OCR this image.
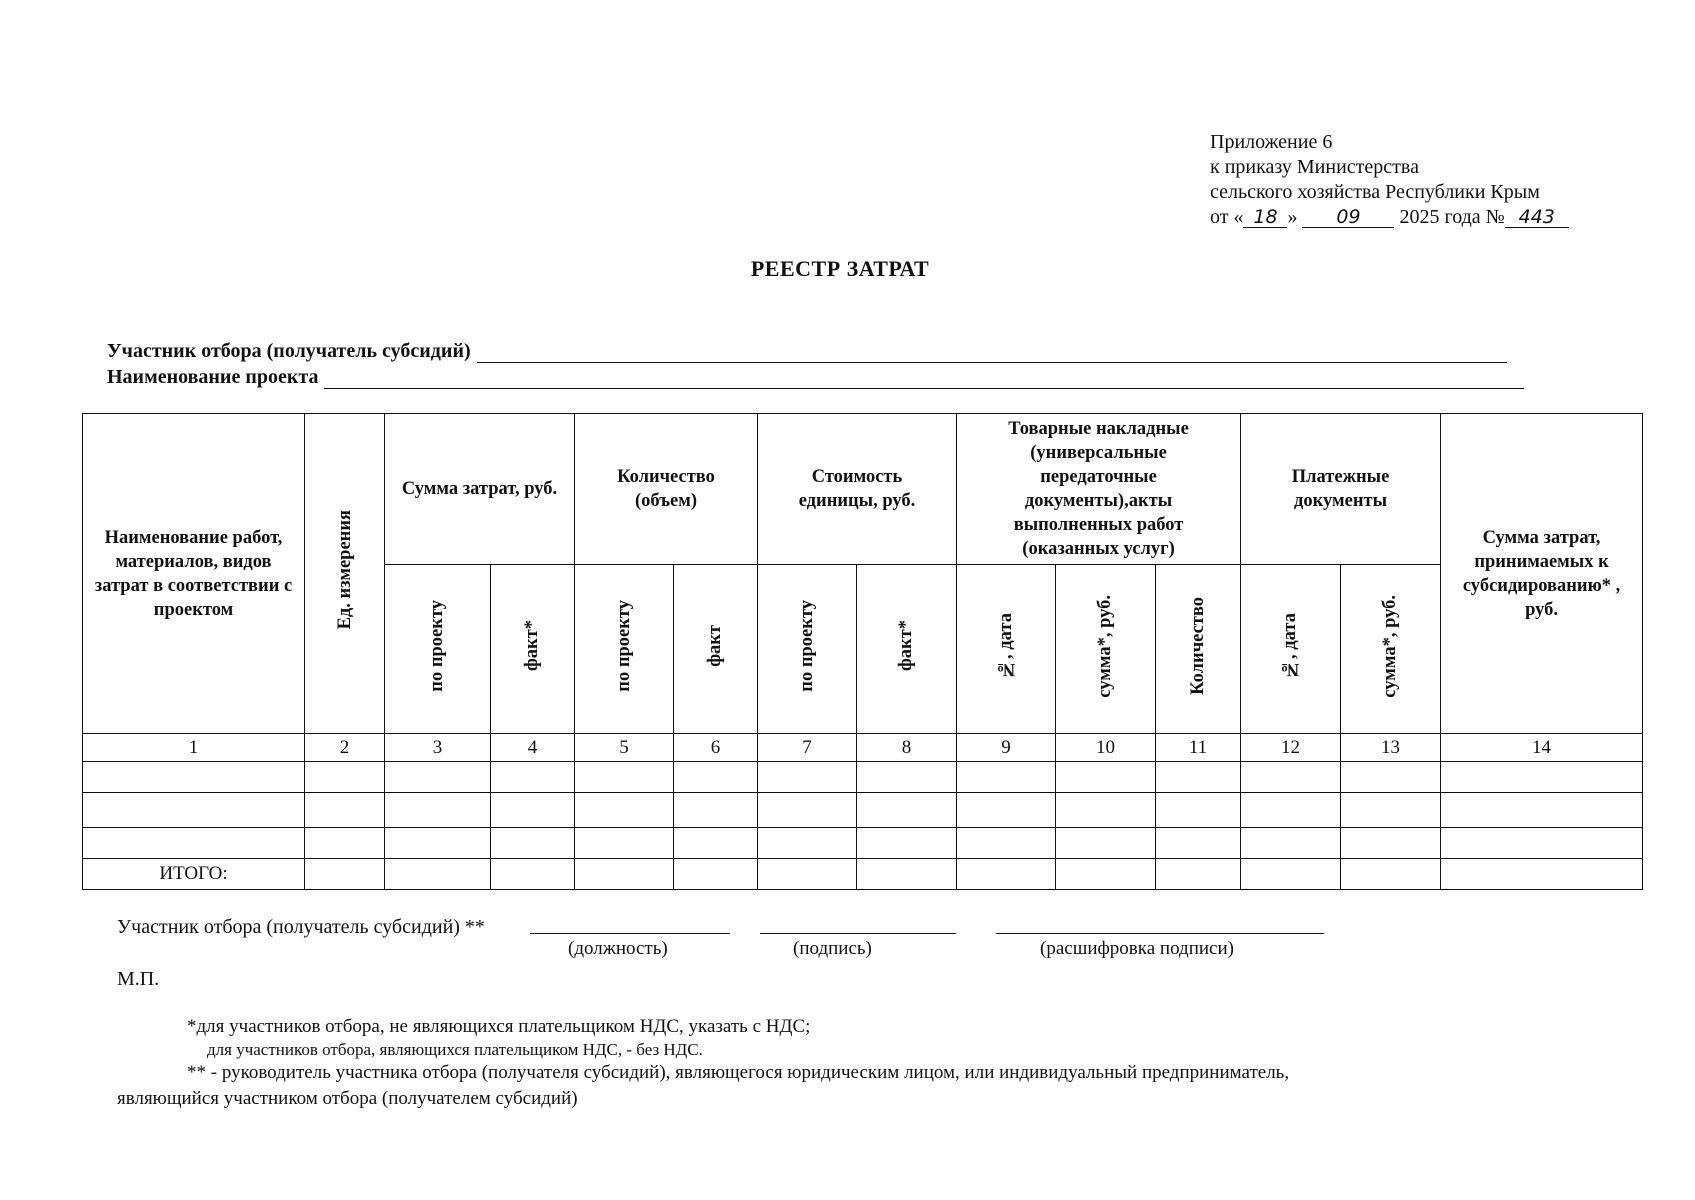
Приложение 6
к приказу Министерства
сельского хозяйства Республики Крым
от « 18 » 09 2025 года № 443
РЕЕСТР ЗАТРАТ
Участник отбора (получатель субсидий)
Наименование проекта
Наименование работ, материалов, видов затрат в соответствии с проектом	Ед. измерения	Сумма затрат, руб.		Количество (объем)		Стоимость единицы, руб.		Товарные накладные (универсальные передаточные документы),акты выполненных работ (оказанных услуг)			Платежные документы		Сумма затрат, принимаемых к субсидированию* , руб.
		по проекту	факт*	по проекту	факт	по проекту	факт*	№, дата	сумма*, руб.	Количество	№, дата	сумма*, руб.	
1	2	3	4	5	6	7	8	9	10	11	12	13	14

ИТОГО:													
Участник отбора (получатель субсидий) **
(должность)	(подпись)	(расшифровка подписи)
М.П.
*для участников отбора, не являющихся плательщиком НДС, указать с НДС;
для участников отбора, являющихся плательщиком НДС, - без НДС.
** - руководитель участника отбора (получателя субсидий), являющегося юридическим лицом, или индивидуальный предприниматель,
являющийся участником отбора (получателем субсидий)
